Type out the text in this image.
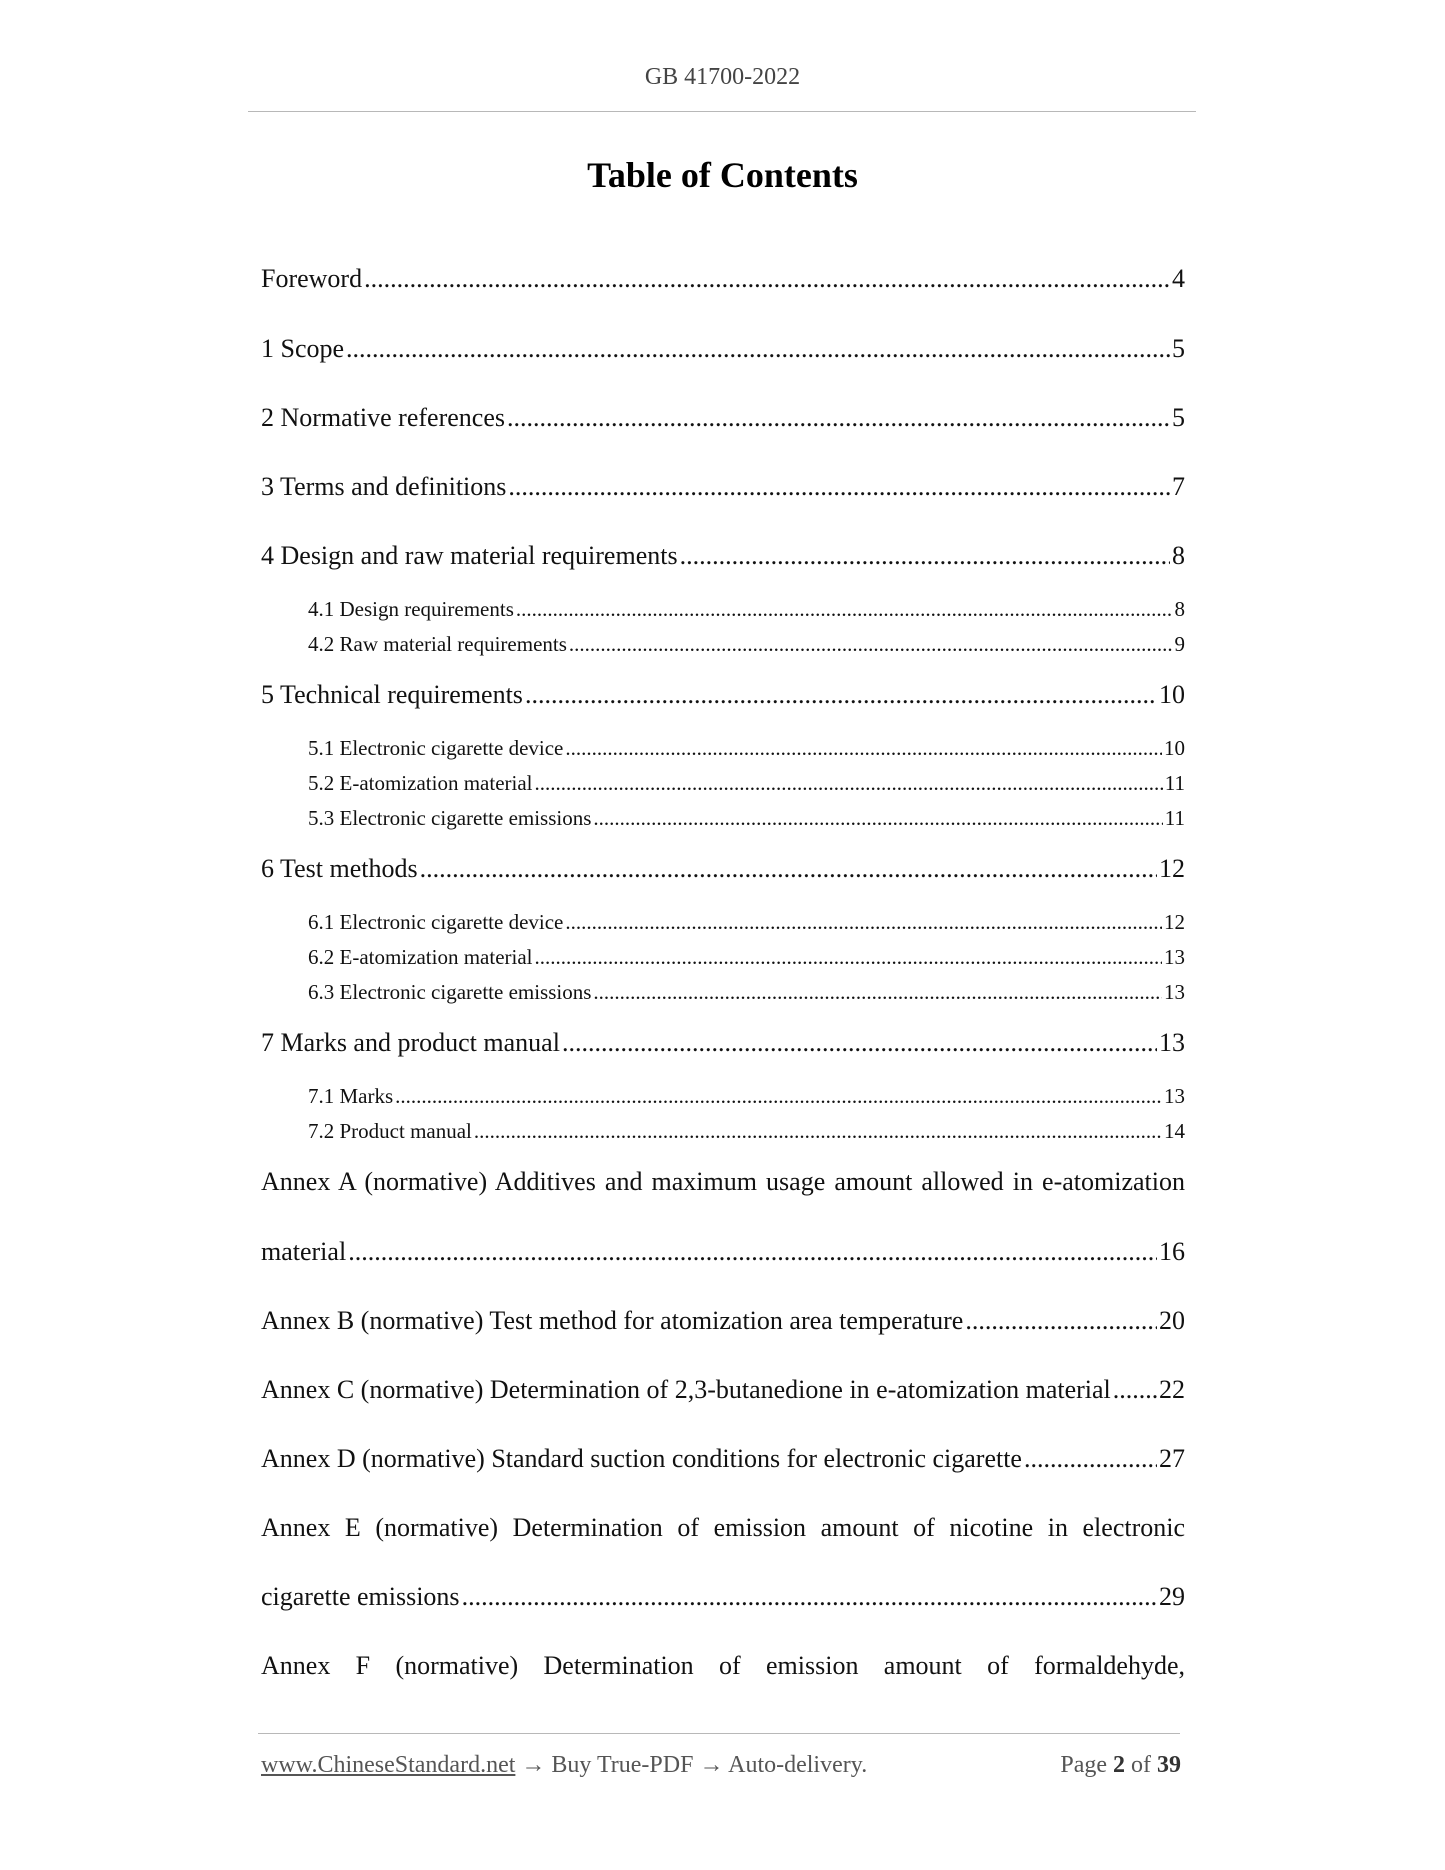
GB 41700-2022
Table of Contents
Foreword .....	4
1 Scope .....	5
2 Normative references .....	5
3 Terms and definitions .....	7
4 Design and raw material requirements .....	8
4.1 Design requirements .....	8
4.2 Raw material requirements .....	9
5 Technical requirements .....	10
5.1 Electronic cigarette device .....	10
5.2 E-atomization material .....	11
5.3 Electronic cigarette emissions .....	11
6 Test methods .....	12
6.1 Electronic cigarette device .....	12
6.2 E-atomization material .....	13
6.3 Electronic cigarette emissions .....	13
7 Marks and product manual .....	13
7.1 Marks .....	13
7.2 Product manual .....	14
Annex A (normative) Additives and maximum usage amount allowed in e-atomization
material .....	16
Annex B (normative) Test method for atomization area temperature .....	20
Annex C (normative) Determination of 2,3-butanedione in e-atomization material ..... 22
Annex D (normative) Standard suction conditions for electronic cigarette .....	27
Annex E (normative) Determination of emission amount of nicotine in electronic
cigarette emissions .....	29
Annex F (normative) Determination of emission amount of formaldehyde,
www.ChineseStandard.net → Buy True-PDF → Auto-delivery.	Page 2 of 39
